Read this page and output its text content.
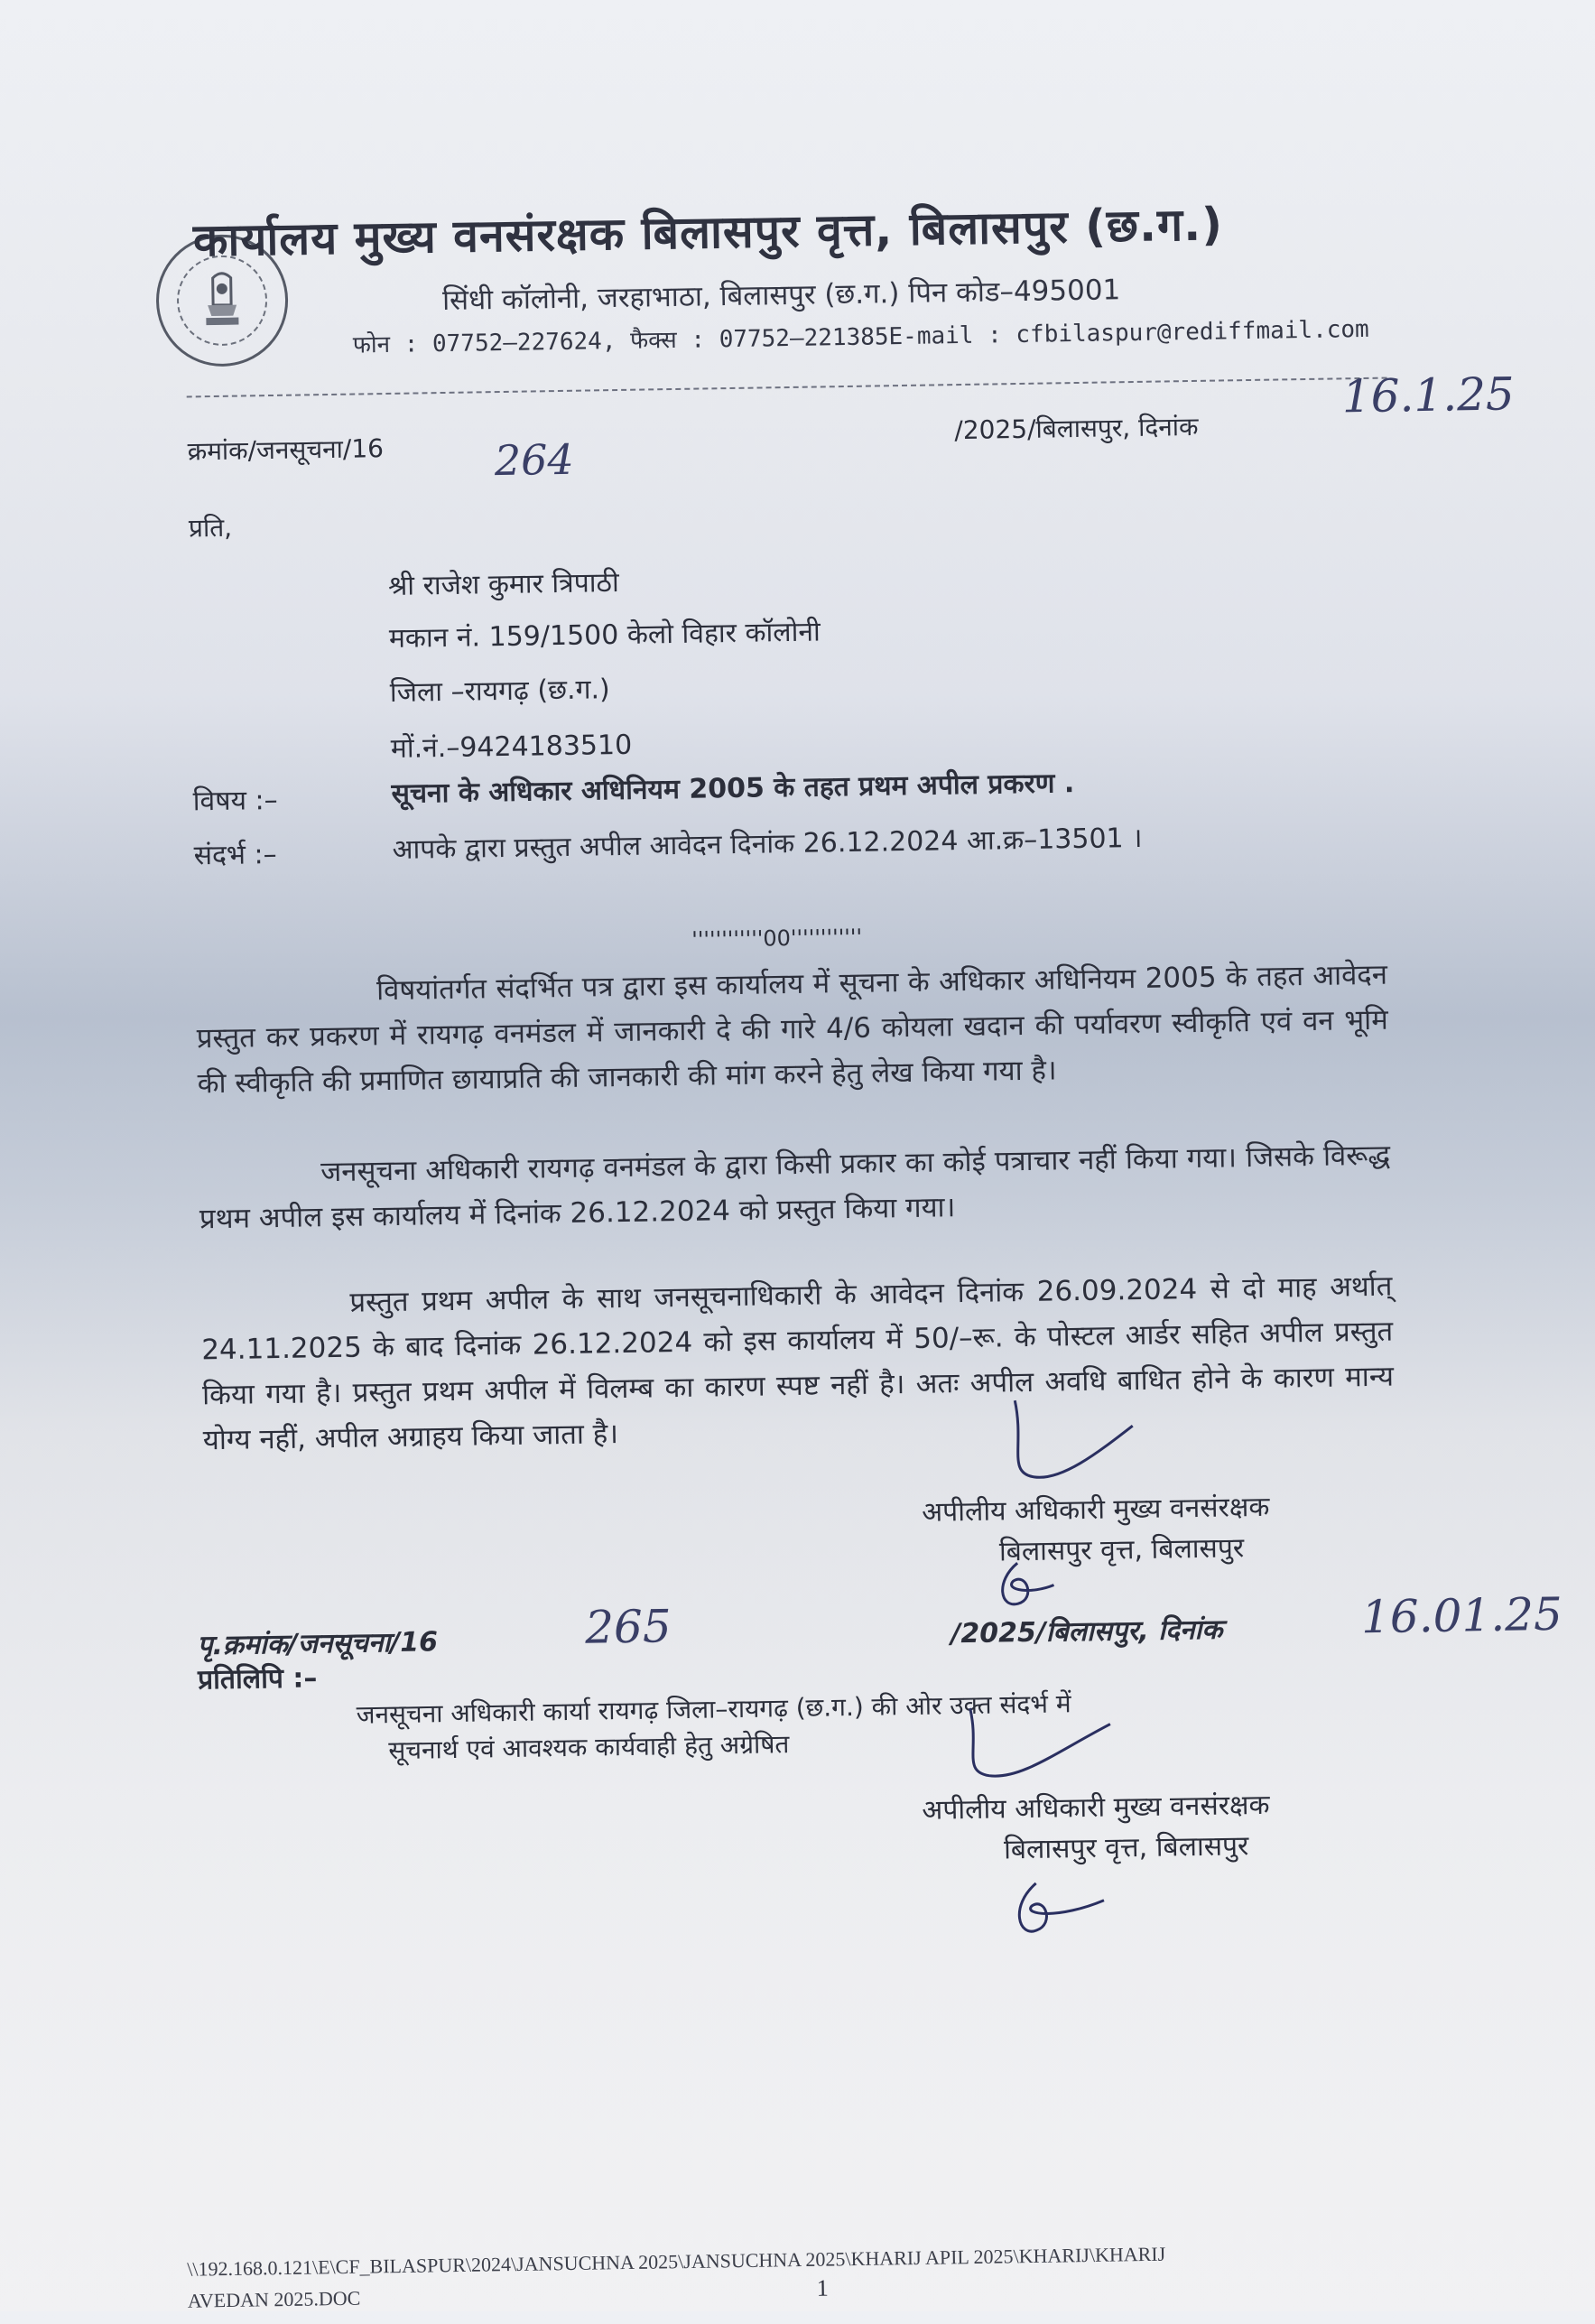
कार्यालय मुख्य वनसंरक्षक बिलासपुर वृत्त, बिलासपुर (छ.ग.)
सिंधी कॉलोनी, जरहाभाठा, बिलासपुर (छ.ग.) पिन कोड–495001
फोन : 07752–227624, फैक्स : 07752–221385E-mail : cfbilaspur@rediffmail.com
क्रमांक/जनसूचना/16	264
/2025/बिलासपुर, दिनांक
16.1.25
प्रति,
श्री राजेश कुमार त्रिपाठी
मकान नं. 159/1500 केलो विहार कॉलोनी
जिला –रायगढ़ (छ.ग.)
मों.नं.–9424183510
विषय :–	सूचना के अधिकार अधिनियम 2005 के तहत प्रथम अपील प्रकरण .
संदर्भ :–	आपके द्वारा प्रस्तुत अपील आवेदन दिनांक 26.12.2024 आ.क्र–13501 ।
''''''''''''00''''''''''''
विषयांतर्गत संदर्भित पत्र द्वारा इस कार्यालय में सूचना के अधिकार अधिनियम 2005 के तहत आवेदन प्रस्तुत कर प्रकरण में रायगढ़ वनमंडल में जानकारी दे की गारे 4/6 कोयला खदान की पर्यावरण स्वीकृति एवं वन भूमि की स्वीकृति की प्रमाणित छायाप्रति की जानकारी की मांग करने हेतु लेख किया गया है।
जनसूचना अधिकारी रायगढ़ वनमंडल के द्वारा किसी प्रकार का कोई पत्राचार नहीं किया गया। जिसके विरूद्ध प्रथम अपील इस कार्यालय में दिनांक 26.12.2024 को प्रस्तुत किया गया।
प्रस्तुत प्रथम अपील के साथ जनसूचनाधिकारी के आवेदन दिनांक 26.09.2024 से दो माह अर्थात् 24.11.2025 के बाद दिनांक 26.12.2024 को इस कार्यालय में 50/–रू. के पोस्टल आर्डर सहित अपील प्रस्तुत किया गया है। प्रस्तुत प्रथम अपील में विलम्ब का कारण स्पष्ट नहीं है। अतः अपील अवधि बाधित होने के कारण मान्य योग्य नहीं, अपील अग्राहय किया जाता है।
अपीलीय अधिकारी मुख्य वनसंरक्षक
बिलासपुर वृत्त, बिलासपुर
पृ.क्रमांक/जनसूचना/16	265	/2025/बिलासपुर, दिनांक	16.01.25
प्रतिलिपि :–
जनसूचना अधिकारी कार्या रायगढ़ जिला–रायगढ़ (छ.ग.) की ओर उक्त संदर्भ में
सूचनार्थ एवं आवश्यक कार्यवाही हेतु अग्रेषित
अपीलीय अधिकारी मुख्य वनसंरक्षक
बिलासपुर वृत्त, बिलासपुर
\\192.168.0.121\E\CF_BILASPUR\2024\JANSUCHNA 2025\JANSUCHNA 2025\KHARIJ APIL 2025\KHARIJ\KHARIJ
AVEDAN 2025.DOC	1
